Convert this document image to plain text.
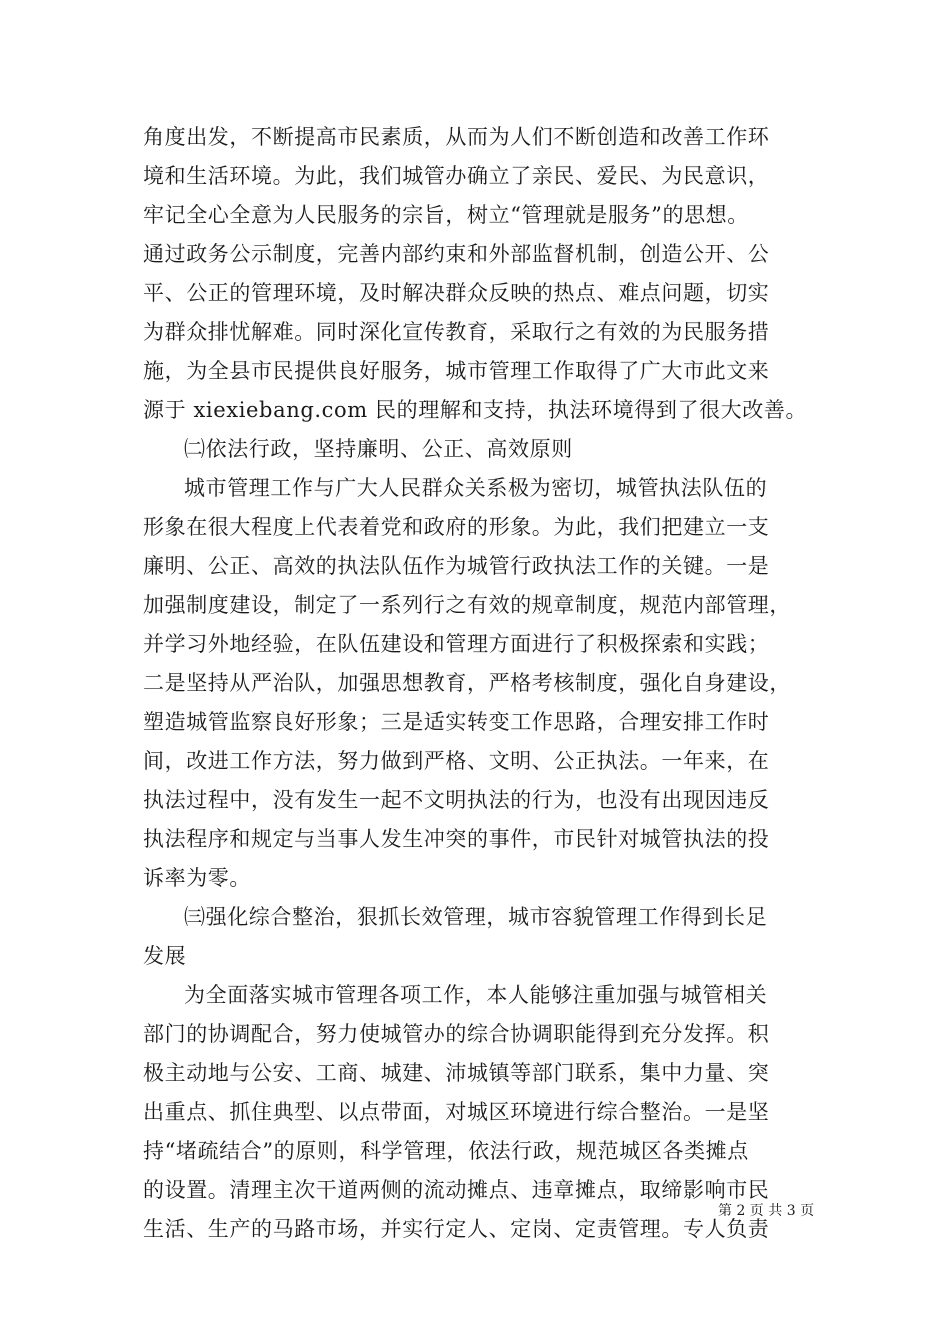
角度出发，不断提高市民素质，从而为人们不断创造和改善工作环
境和生活环境。为此，我们城管办确立了亲民、爱民、为民意识，
牢记全心全意为人民服务的宗旨，树立“管理就是服务”的思想。
通过政务公示制度，完善内部约束和外部监督机制，创造公开、公
平、公正的管理环境，及时解决群众反映的热点、难点问题，切实
为群众排忧解难。同时深化宣传教育，采取行之有效的为民服务措
施，为全县市民提供良好服务，城市管理工作取得了广大市此文来
源于 xiexiebang.com 民的理解和支持，执法环境得到了很大改善。
㈡依法行政，坚持廉明、公正、高效原则
城市管理工作与广大人民群众关系极为密切，城管执法队伍的
形象在很大程度上代表着党和政府的形象。为此，我们把建立一支
廉明、公正、高效的执法队伍作为城管行政执法工作的关键。一是
加强制度建设，制定了一系列行之有效的规章制度，规范内部管理，
并学习外地经验，在队伍建设和管理方面进行了积极探索和实践；
二是坚持从严治队，加强思想教育，严格考核制度，强化自身建设，
塑造城管监察良好形象；三是适实转变工作思路，合理安排工作时
间，改进工作方法，努力做到严格、文明、公正执法。一年来，在
执法过程中，没有发生一起不文明执法的行为，也没有出现因违反
执法程序和规定与当事人发生冲突的事件，市民针对城管执法的投
诉率为零。
㈢强化综合整治，狠抓长效管理，城市容貌管理工作得到长足
发展
为全面落实城市管理各项工作，本人能够注重加强与城管相关
部门的协调配合，努力使城管办的综合协调职能得到充分发挥。积
极主动地与公安、工商、城建、沛城镇等部门联系，集中力量、突
出重点、抓住典型、以点带面，对城区环境进行综合整治。一是坚
持“堵疏结合”的原则，科学管理，依法行政，规范城区各类摊点
的设置。清理主次干道两侧的流动摊点、违章摊点，取缔影响市民
生活、生产的马路市场，并实行定人、定岗、定责管理。专人负责
第 2 页 共 3 页
